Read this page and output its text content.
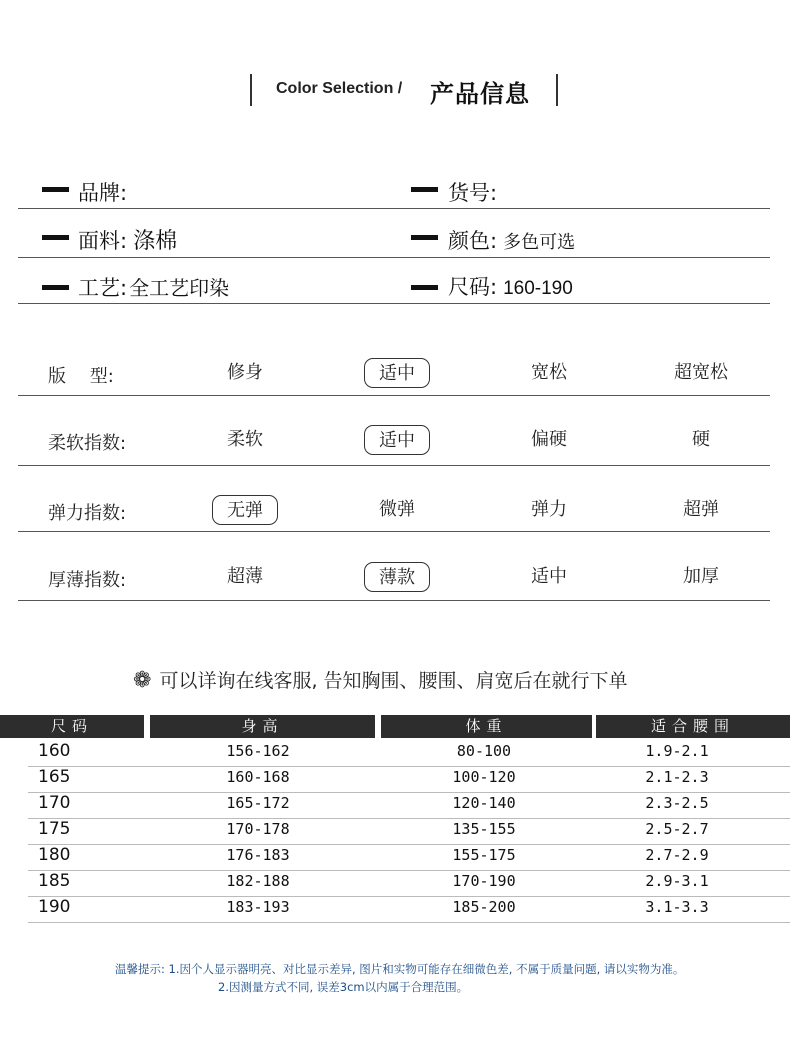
Color Selection / 产品信息
品牌:	货号:
面料: 涤棉	颜色: 多色可选
工艺: 全工艺印染	尺码: 160-190
版　 型:	修身	适中	宽松	超宽松
柔软指数:	柔软	适中	偏硬	硬
弹力指数:	无弹	微弹	弹力	超弹
厚薄指数:	超薄	薄款	适中	加厚
❁ 可以详询在线客服, 告知胸围、腰围、肩宽后在就行下单
尺码	身高	体重	适合腰围
160	156-162	80-100	1.9-2.1
165	160-168	100-120	2.1-2.3
170	165-172	120-140	2.3-2.5
175	170-178	135-155	2.5-2.7
180	176-183	155-175	2.7-2.9
185	182-188	170-190	2.9-3.1
190	183-193	185-200	3.1-3.3
温馨提示: 1.因个人显示器明亮、对比显示差异, 图片和实物可能存在细微色差, 不属于质量问题, 请以实物为准。
2.因测量方式不同, 误差3cm以内属于合理范围。
